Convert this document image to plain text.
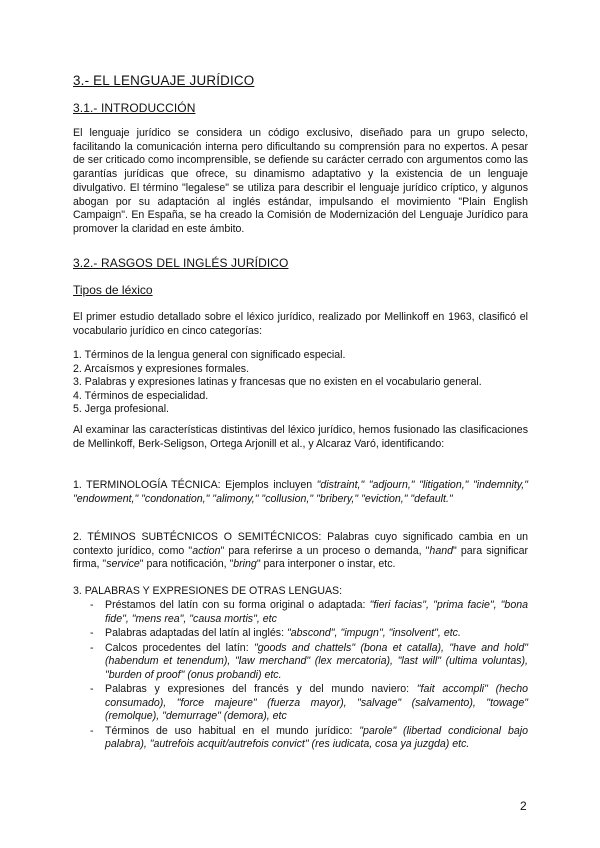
3.- EL LENGUAJE JURÍDICO
3.1.- INTRODUCCIÓN

El lenguaje jurídico se considera un código exclusivo, diseñado para un grupo selecto, facilitando la comunicación interna pero dificultando su comprensión para no expertos. A pesar de ser criticado como incomprensible, se defiende su carácter cerrado con argumentos como las garantías jurídicas que ofrece, su dinamismo adaptativo y la existencia de un lenguaje divulgativo. El término "legalese" se utiliza para describir el lenguaje jurídico críptico, y algunos abogan por su adaptación al inglés estándar, impulsando el movimiento "Plain English Campaign". En España, se ha creado la Comisión de Modernización del Lenguaje Jurídico para promover la claridad en este ámbito.

3.2.- RASGOS DEL INGLÉS JURÍDICO
Tipos de léxico

El primer estudio detallado sobre el léxico jurídico, realizado por Mellinkoff en 1963, clasificó el vocabulario jurídico en cinco categorías:

1. Términos de la lengua general con significado especial.
2. Arcaísmos y expresiones formales.
3. Palabras y expresiones latinas y francesas que no existen en el vocabulario general.
4. Términos de especialidad.
5. Jerga profesional.

Al examinar las características distintivas del léxico jurídico, hemos fusionado las clasificaciones de Mellinkoff, Berk-Seligson, Ortega Arjonill et al., y Alcaraz Varó, identificando:

1. TERMINOLOGÍA TÉCNICA: Ejemplos incluyen "distraint," "adjourn," "litigation," "indemnity," "endowment," "condonation," "alimony," "collusion," "bribery," "eviction," "default."

2. TÉMINOS SUBTÉCNICOS O SEMITÉCNICOS: Palabras cuyo significado cambia en un contexto jurídico, como "action" para referirse a un proceso o demanda, "hand" para significar firma, "service" para notificación, "bring" para interponer o instar, etc.

3. PALABRAS Y EXPRESIONES DE OTRAS LENGUAS:
- Préstamos del latín con su forma original o adaptada: "fieri facias", "prima facie", "bona fide", "mens rea", "causa mortis", etc
- Palabras adaptadas del latín al inglés: "abscond", "impugn", "insolvent", etc.
- Calcos procedentes del latín: "goods and chattels" (bona et catalla), "have and hold" (habendum et tenendum), "law merchand" (lex mercatoria), "last will" (ultima voluntas), "burden of proof" (onus probandi) etc.
- Palabras y expresiones del francés y del mundo naviero: "fait accompli" (hecho consumado), "force majeure" (fuerza mayor), "salvage" (salvamento), "towage" (remolque), "demurrage" (demora), etc
- Términos de uso habitual en el mundo jurídico: "parole" (libertad condicional bajo palabra), "autrefois acquit/autrefois convict" (res iudicata, cosa ya juzgda) etc.
2
